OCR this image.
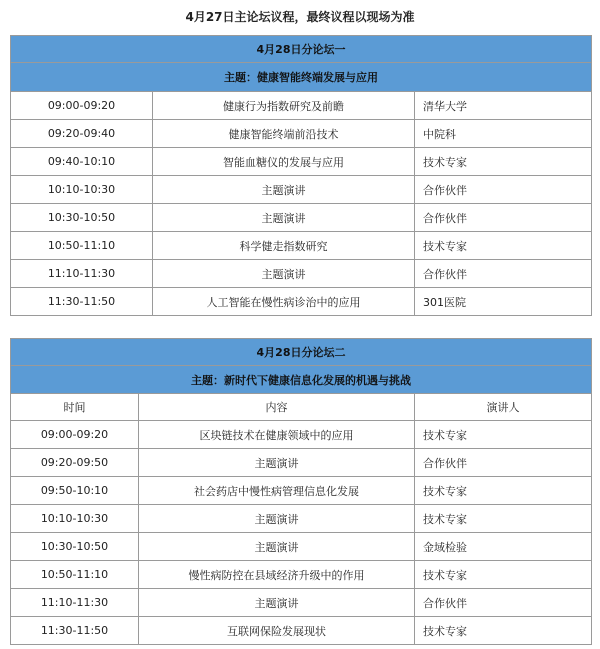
4月27日主论坛议程，最终议程以现场为准
4月28日分论坛一		
主题：健康智能终端发展与应用		
09:00-09:20	健康行为指数研究及前瞻	清华大学
09:20-09:40	健康智能终端前沿技术	中院科
09:40-10:10	智能血糖仪的发展与应用	技术专家
10:10-10:30	主题演讲	合作伙伴
10:30-10:50	主题演讲	合作伙伴
10:50-11:10	科学健走指数研究	技术专家
11:10-11:30	主题演讲	合作伙伴
11:30-11:50	人工智能在慢性病诊治中的应用	301医院
4月28日分论坛二		
主题：新时代下健康信息化发展的机遇与挑战		
时间	内容	演讲人
09:00-09:20	区块链技术在健康领域中的应用	技术专家
09:20-09:50	主题演讲	合作伙伴
09:50-10:10	社会药店中慢性病管理信息化发展	技术专家
10:10-10:30	主题演讲	技术专家
10:30-10:50	主题演讲	金域检验
10:50-11:10	慢性病防控在县域经济升级中的作用	技术专家
11:10-11:30	主题演讲	合作伙伴
11:30-11:50	互联网保险发展现状	技术专家
